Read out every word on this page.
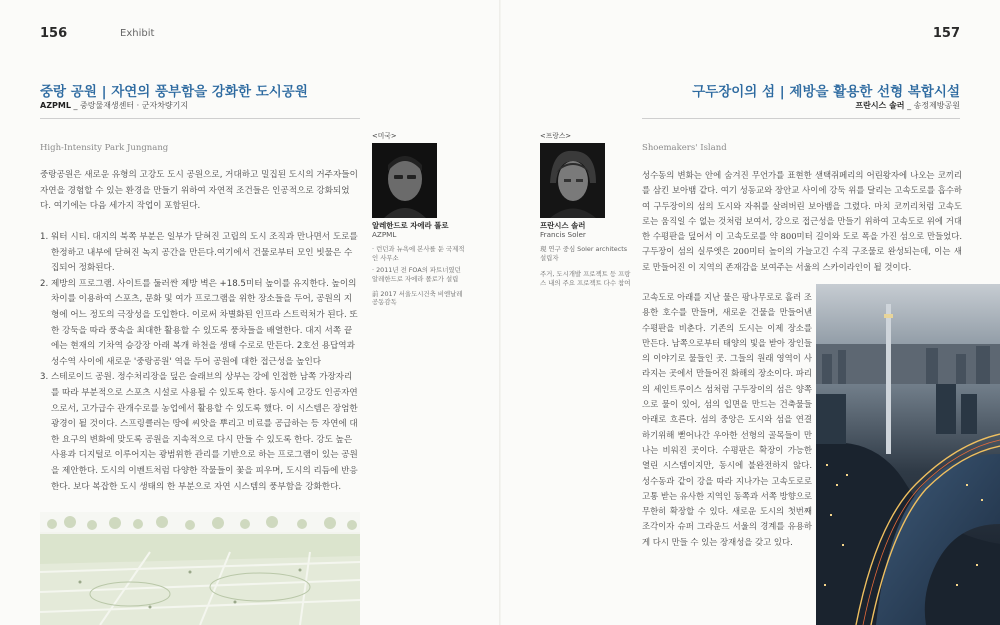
156	Exhibit
중랑 공원 | 자연의 풍부함을 강화한 도시공원
AZPML _ 중랑물재생센터 · 군자차량기지
High-Intensity Park Jungnang
중랑공원은 새로운 유형의 고강도 도시 공원으로, 거대하고 밀집된 도시의 거주자들이 자연을 경험할 수 있는 환경을 만들기 위하여 자연적 조건들은 인공적으로 강화되었다. 여기에는 다음 세가지 작업이 포함된다.
1. 워터 시티. 대지의 북쪽 부분은 일부가 닫혀진 고립의 도시 조직과 만나면서 도로를 한정하고 내부에 닫혀진 녹지 공간을 만든다.여기에서 건물로부터 모인 빗물은 수집되어 정화된다.
2. 제방의 프로그램. 사이트를 둘러싼 제방 벽은 +18.5미터 높이를 유지한다. 높이의 차이를 이용하여 스포츠, 문화 및 여가 프로그램을 위한 장소들을 두어, 공원의 지형에 어느 정도의 극장성을 도입한다. 이로써 차별화된 인프라 스트럭처가 된다. 또한 강둑을 따라 풍속을 최대한 활용할 수 있도록 풍차들을 배열한다. 대지 서쪽 끝에는 현재의 기차역 승강장 아래 복개 하천을 생태 수로로 만든다. 2호선 용답역과 성수역 사이에 새로운 '중랑공원' 역을 두어 공원에 대한 접근성을 높인다
3. 스테로이드 공원. 정수처리장을 덮은 슬래브의 상부는 강에 인접한 남쪽 가장자리를 따라 부분적으로 스포츠 시설로 사용될 수 있도록 한다. 동시에 고강도 인공자연으로서, 고가급수 관개수로를 농업에서 활용할 수 있도록 했다. 이 시스템은 장엄한 광경이 될 것이다. 스프링클러는 땅에 씨앗을 뿌리고 비료를 공급하는 등 자연에 대한 요구의 변화에 맞도록 공원을 지속적으로 다시 만들 수 있도록 한다. 강도 높은 사용과 디지털로 이루어지는 광범위한 관리를 기반으로 하는 프로그램이 있는 공원을 제안한다. 도시의 이벤트처럼 다양한 작물들이 꽃을 피우며, 도시의 리듬에 반응한다. 보다 복잡한 도시 생태의 한 부분으로 자연 시스템의 풍부함을 강화한다.
<미국>
알레한드로 자에라 폴로
AZPML
· 런던과 뉴욕에 본사를 둔 국제적인 사무소
· 2011년 전 FOA의 파트너였던 알레한드로 자에라 폴로가 설립
前 2017 서울도시건축 비엔날레 공동감독
<프랑스>
프란시스 솔러
Francis Soler
現 연구 중심 Soler architects 설립자
주거, 도시개발 프로젝트 등 프랑스 내의 주요 프로젝트 다수 참여
157
구두장이의 섬 | 제방을 활용한 선형 복합시설
프란시스 솔러 _ 송정제방공원
Shoemakers' Island
성수동의 변화는 안에 숨겨진 무언가를 표현한 샌택쥐페리의 어린왕자에 나오는 코끼리를 삼킨 보아뱀 같다. 여기 성동교와 장안교 사이에 강둑 위를 달리는 고속도로를 흡수하여 구두장이의 섬의 도시와 자취를 살려버린 보아뱀을 그렸다. 마치 코끼리처럼 고속도로는 움직일 수 없는 것처럼 보여서, 강으로 접근성을 만들기 위하여 고속도로 위에 거대한 수평판을 덮어서 이 고속도로를 약 800미터 길이와 도로 폭을 가진 섬으로 만들었다. 구두장이 섬의 실루엣은 200미터 높이의 가늘고긴 수직 구조물로 완성되는데, 이는 새로 만들어진 이 지역의 존재감을 보여주는 서울의 스카이라인이 될 것이다.
고속도로 아래를 지난 물은 팡나무로로 흘러 조용한 호수를 만들며, 새로운 건물을 만들어낸 수평판을 비춘다. 기존의 도시는 이제 장소를 만든다. 남쪽으로부터 태양의 빛을 받아 장인들의 이야기로 물들인 곳. 그들의 원래 영역이 사라지는 곳에서 만들어진 화해의 장소이다. 파리의 세인트루이스 섬처럼 구두장이의 섬은 양쪽으로 물이 있어, 섬의 입면을 만드는 건축물들 아래로 흐른다. 섬의 중앙은 도시와 섬을 연결하기위해 뻗어나간 우아한 선형의 골목들이 만나는 비워진 곳이다. 수평판은 확장이 가능한 열린 시스템이지만, 동시에 불완전하지 않다. 성수동과 같이 강을 따라 지나가는 고속도로로 고통 받는 유사한 지역인 동쪽과 서쪽 방향으로 무한히 확장할 수 있다. 새로운 도시의 첫번째 조각이자 슈퍼 그라운드 서울의 경계를 유용하게 다시 만들 수 있는 장재성을 갖고 있다.
